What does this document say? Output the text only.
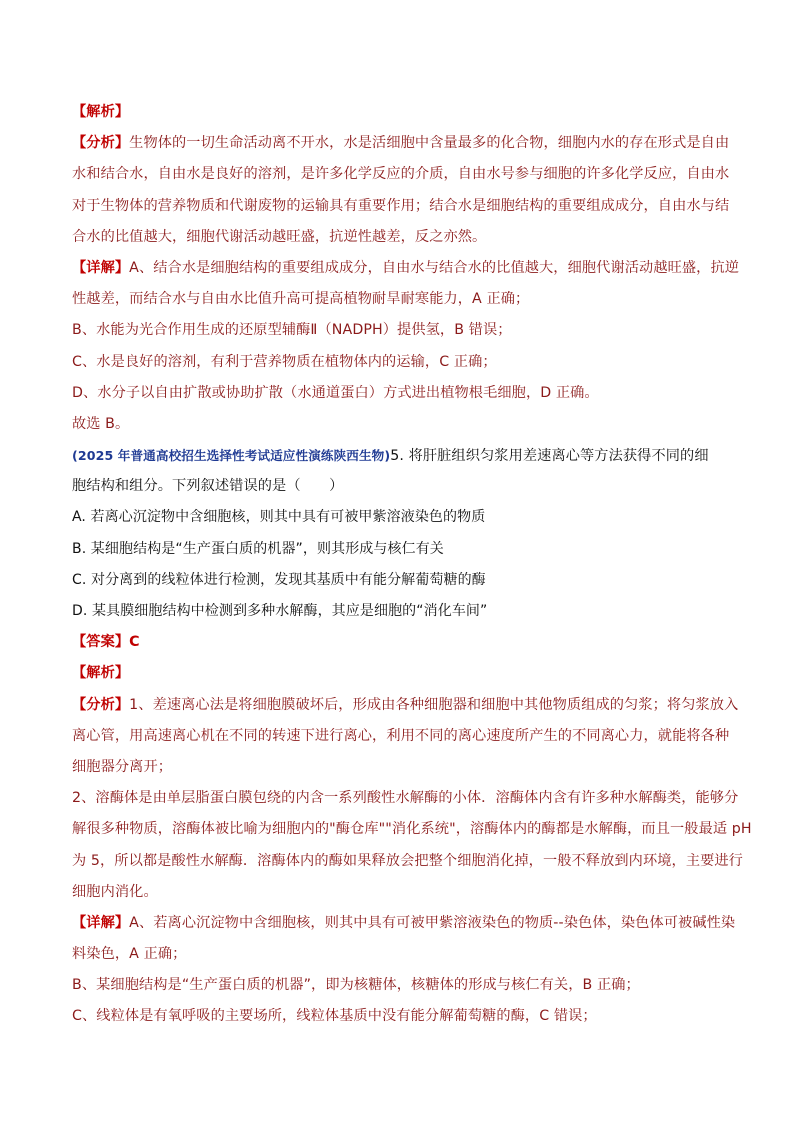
【解析】
【分析】生物体的一切生命活动离不开水，水是活细胞中含量最多的化合物，细胞内水的存在形式是自由
水和结合水，自由水是良好的溶剂，是许多化学反应的介质，自由水号参与细胞的许多化学反应，自由水
对于生物体的营养物质和代谢废物的运输具有重要作用；结合水是细胞结构的重要组成成分，自由水与结
合水的比值越大，细胞代谢活动越旺盛，抗逆性越差，反之亦然。
【详解】A、结合水是细胞结构的重要组成成分，自由水与结合水的比值越大，细胞代谢活动越旺盛，抗逆
性越差，而结合水与自由水比值升高可提高植物耐旱耐寒能力，A 正确；
B、水能为光合作用生成的还原型辅酶Ⅱ（NADPH）提供氢，B 错误；
C、水是良好的溶剂，有利于营养物质在植物体内的运输，C 正确；
D、水分子以自由扩散或协助扩散（水通道蛋白）方式进出植物根毛细胞，D 正确。
故选 B。
(2025 年普通高校招生选择性考试适应性演练陕西生物)5. 将肝脏组织匀浆用差速离心等方法获得不同的细
胞结构和组分。下列叙述错误的是（　　）
A. 若离心沉淀物中含细胞核，则其中具有可被甲紫溶液染色的物质
B. 某细胞结构是“生产蛋白质的机器”，则其形成与核仁有关
C. 对分离到的线粒体进行检测，发现其基质中有能分解葡萄糖的酶
D. 某具膜细胞结构中检测到多种水解酶，其应是细胞的“消化车间”
【答案】C
【解析】
【分析】1、差速离心法是将细胞膜破坏后，形成由各种细胞器和细胞中其他物质组成的匀浆；将匀浆放入
离心管，用高速离心机在不同的转速下进行离心，利用不同的离心速度所产生的不同离心力，就能将各种
细胞器分离开；
2、溶酶体是由单层脂蛋白膜包绕的内含一系列酸性水解酶的小体．溶酶体内含有许多种水解酶类，能够分
解很多种物质，溶酶体被比喻为细胞内的"酶仓库""消化系统"，溶酶体内的酶都是水解酶，而且一般最适 pH
为 5，所以都是酸性水解酶．溶酶体内的酶如果释放会把整个细胞消化掉，一般不释放到内环境，主要进行
细胞内消化。
【详解】A、若离心沉淀物中含细胞核，则其中具有可被甲紫溶液染色的物质--染色体，染色体可被碱性染
料染色，A 正确；
B、某细胞结构是“生产蛋白质的机器”，即为核糖体，核糖体的形成与核仁有关，B 正确；
C、线粒体是有氧呼吸的主要场所，线粒体基质中没有能分解葡萄糖的酶，C 错误；
